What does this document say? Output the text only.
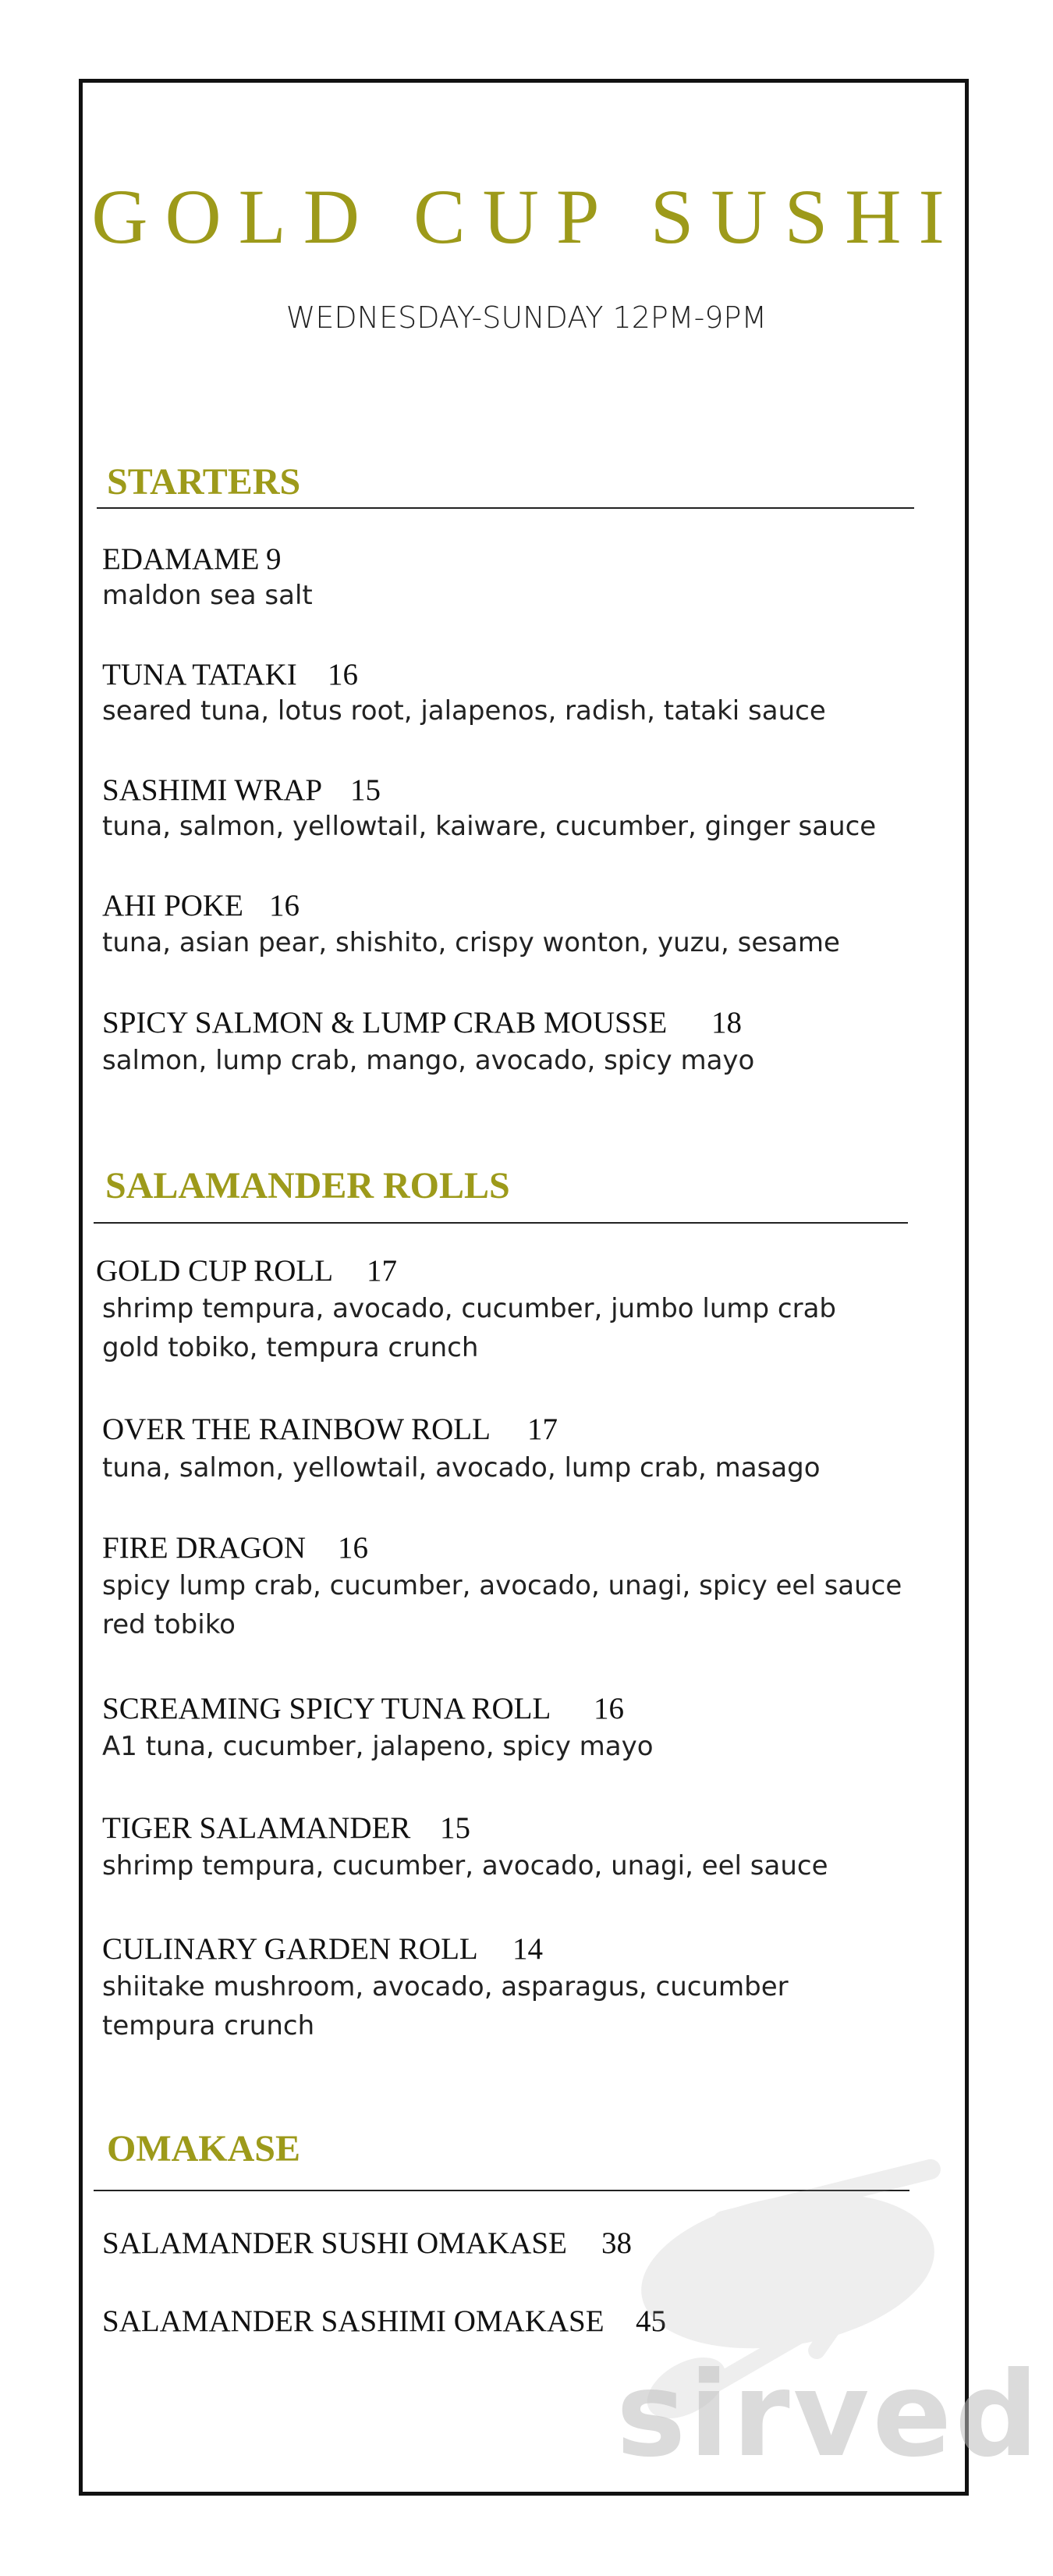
GOLD CUP SUSHI
WEDNESDAY-SUNDAY 12PM-9PM
STARTERS
EDAMAME 9
maldon sea salt
TUNA TATAKI 16
seared tuna, lotus root, jalapenos, radish, tataki sauce
SASHIMI WRAP 15
tuna, salmon, yellowtail, kaiware, cucumber, ginger sauce
AHI POKE 16
tuna, asian pear, shishito, crispy wonton, yuzu, sesame
SPICY SALMON & LUMP CRAB MOUSSE 18
salmon, lump crab, mango, avocado, spicy mayo
SALAMANDER ROLLS
GOLD CUP ROLL 17
shrimp tempura, avocado, cucumber, jumbo lump crab
gold tobiko, tempura crunch
OVER THE RAINBOW ROLL 17
tuna, salmon, yellowtail, avocado, lump crab, masago
FIRE DRAGON 16
spicy lump crab, cucumber, avocado, unagi, spicy eel sauce
red tobiko
SCREAMING SPICY TUNA ROLL 16
A1 tuna, cucumber, jalapeno, spicy mayo
TIGER SALAMANDER 15
shrimp tempura, cucumber, avocado, unagi, eel sauce
CULINARY GARDEN ROLL 14
shiitake mushroom, avocado, asparagus, cucumber
tempura crunch
OMAKASE
SALAMANDER SUSHI OMAKASE 38
SALAMANDER SASHIMI OMAKASE 45
sirved
